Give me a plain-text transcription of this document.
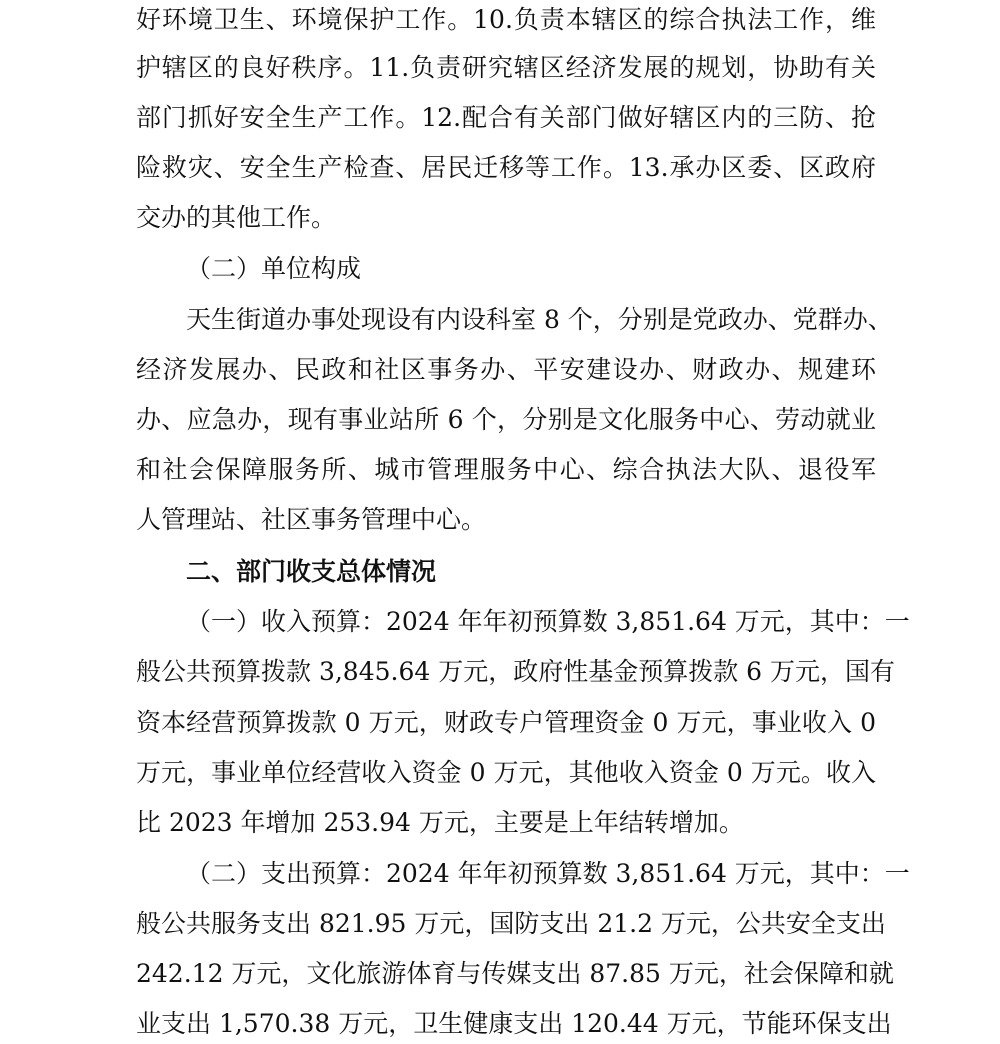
好环境卫生、环境保护工作。10.负责本辖区的综合执法工作，维
护辖区的良好秩序。11.负责研究辖区经济发展的规划，协助有关
部门抓好安全生产工作。12.配合有关部门做好辖区内的三防、抢
险救灾、安全生产检查、居民迁移等工作。13.承办区委、区政府
交办的其他工作。
（二）单位构成
天生街道办事处现设有内设科室 8 个，分别是党政办、党群办、
经济发展办、民政和社区事务办、平安建设办、财政办、规建环
办、应急办，现有事业站所 6 个，分别是文化服务中心、劳动就业
和社会保障服务所、城市管理服务中心、综合执法大队、退役军
人管理站、社区事务管理中心。
二、部门收支总体情况
（一）收入预算：2024 年年初预算数 3,851.64 万元，其中：一
般公共预算拨款 3,845.64 万元，政府性基金预算拨款 6 万元，国有
资本经营预算拨款 0 万元，财政专户管理资金 0 万元，事业收入 0
万元，事业单位经营收入资金 0 万元，其他收入资金 0 万元。收入
比 2023 年增加 253.94 万元，主要是上年结转增加。
（二）支出预算：2024 年年初预算数 3,851.64 万元，其中：一
般公共服务支出 821.95 万元，国防支出 21.2 万元，公共安全支出
242.12 万元，文化旅游体育与传媒支出 87.85 万元，社会保障和就
业支出 1,570.38 万元，卫生健康支出 120.44 万元，节能环保支出
